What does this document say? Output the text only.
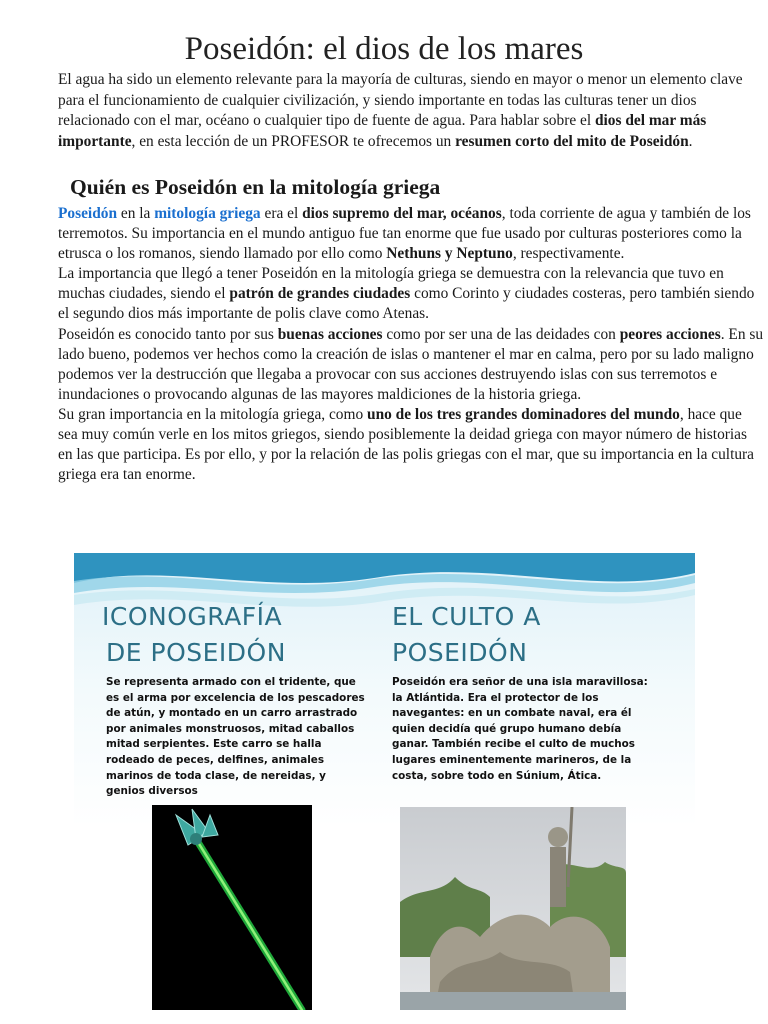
Poseidón: el dios de los mares

El agua ha sido un elemento relevante para la mayoría de culturas, siendo en mayor o menor un elemento clave para el funcionamiento de cualquier civilización, y siendo importante en todas las culturas tener un dios relacionado con el mar, océano o cualquier tipo de fuente de agua. Para hablar sobre el dios del mar más importante, en esta lección de un PROFESOR te ofrecemos un resumen corto del mito de Poseidón.

Quién es Poseidón en la mitología griega

Poseidón en la mitología griega era el dios supremo del mar, océanos, toda corriente de agua y también de los terremotos. Su importancia en el mundo antiguo fue tan enorme que fue usado por culturas posteriores como la etrusca o los romanos, siendo llamado por ello como Nethuns y Neptuno, respectivamente.

La importancia que llegó a tener Poseidón en la mitología griega se demuestra con la relevancia que tuvo en muchas ciudades, siendo el patrón de grandes ciudades como Corinto y ciudades costeras, pero también siendo el segundo dios más importante de polis clave como Atenas.

Poseidón es conocido tanto por sus buenas acciones como por ser una de las deidades con peores acciones. En su lado bueno, podemos ver hechos como la creación de islas o mantener el mar en calma, pero por su lado maligno podemos ver la destrucción que llegaba a provocar con sus acciones destruyendo islas con sus terremotos e inundaciones o provocando algunas de las mayores maldiciones de la historia griega.

Su gran importancia en la mitología griega, como uno de los tres grandes dominadores del mundo, hace que sea muy común verle en los mitos griegos, siendo posiblemente la deidad griega con mayor número de historias en las que participa. Es por ello, y por la relación de las polis griegas con el mar, que su importancia en la cultura griega era tan enorme.

ICONOGRAFÍA
DE POSEIDÓN

Se representa armado con el tridente, que es el arma por excelencia de los pescadores de atún, y montado en un carro arrastrado por animales monstruosos, mitad caballos mitad serpientes. Este carro se halla rodeado de peces, delfines, animales marinos de toda clase, de nereidas, y genios diversos

EL CULTO A
POSEIDÓN

Poseidón era señor de una isla maravillosa: la Atlántida. Era el protector de los navegantes: en un combate naval, era él quien decidía qué grupo humano debía ganar. También recibe el culto de muchos lugares eminentemente marineros, de la costa, sobre todo en Súnium, Ática.
